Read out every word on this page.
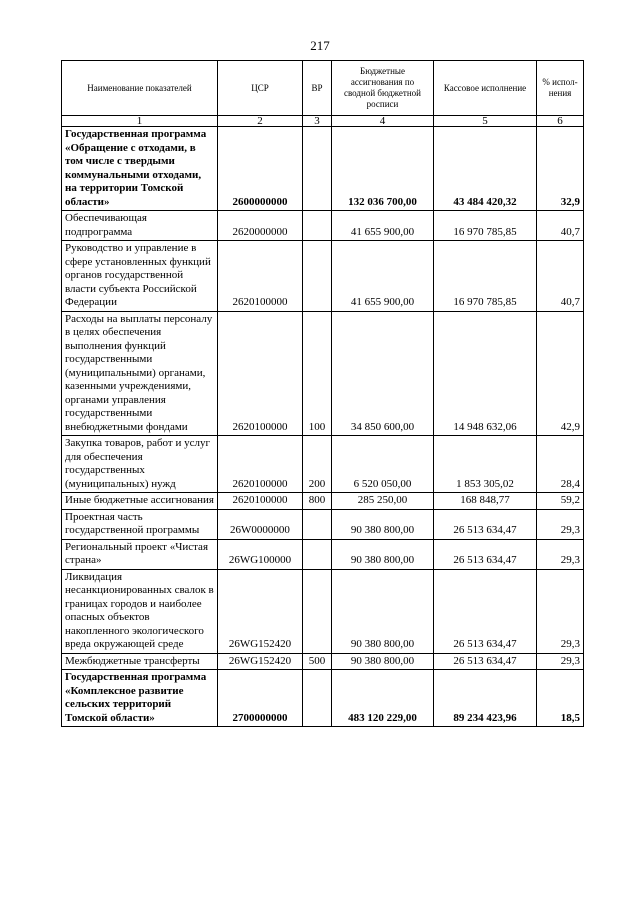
217
Наименование показателей	ЦСР	ВР	Бюджетные ассигнования по сводной бюджетной росписи	Кассовое исполнение	% испол-нения
1	2	3	4	5	6
Государственная программа «Обращение с отходами, в том числе с твердыми коммунальными отходами, на территории Томской области»	2600000000		132 036 700,00	43 484 420,32	32,9
Обеспечивающая подпрограмма	2620000000		41 655 900,00	16 970 785,85	40,7
Руководство и управление в сфере установленных функций органов государственной власти субъекта Российской Федерации	2620100000		41 655 900,00	16 970 785,85	40,7
Расходы на выплаты персоналу в целях обеспечения выполнения функций государственными (муниципальными) органами, казенными учреждениями, органами управления государственными внебюджетными фондами	2620100000	100	34 850 600,00	14 948 632,06	42,9
Закупка товаров, работ и услуг для обеспечения государственных (муниципальных) нужд	2620100000	200	6 520 050,00	1 853 305,02	28,4
Иные бюджетные ассигнования	2620100000	800	285 250,00	168 848,77	59,2
Проектная часть государственной программы	26W0000000		90 380 800,00	26 513 634,47	29,3
Региональный проект «Чистая страна»	26WG100000		90 380 800,00	26 513 634,47	29,3
Ликвидация несанкционированных свалок в границах городов и наиболее опасных объектов накопленного экологического вреда окружающей среде	26WG152420		90 380 800,00	26 513 634,47	29,3
Межбюджетные трансферты	26WG152420	500	90 380 800,00	26 513 634,47	29,3
Государственная программа «Комплексное развитие сельских территорий Томской области»	2700000000		483 120 229,00	89 234 423,96	18,5
